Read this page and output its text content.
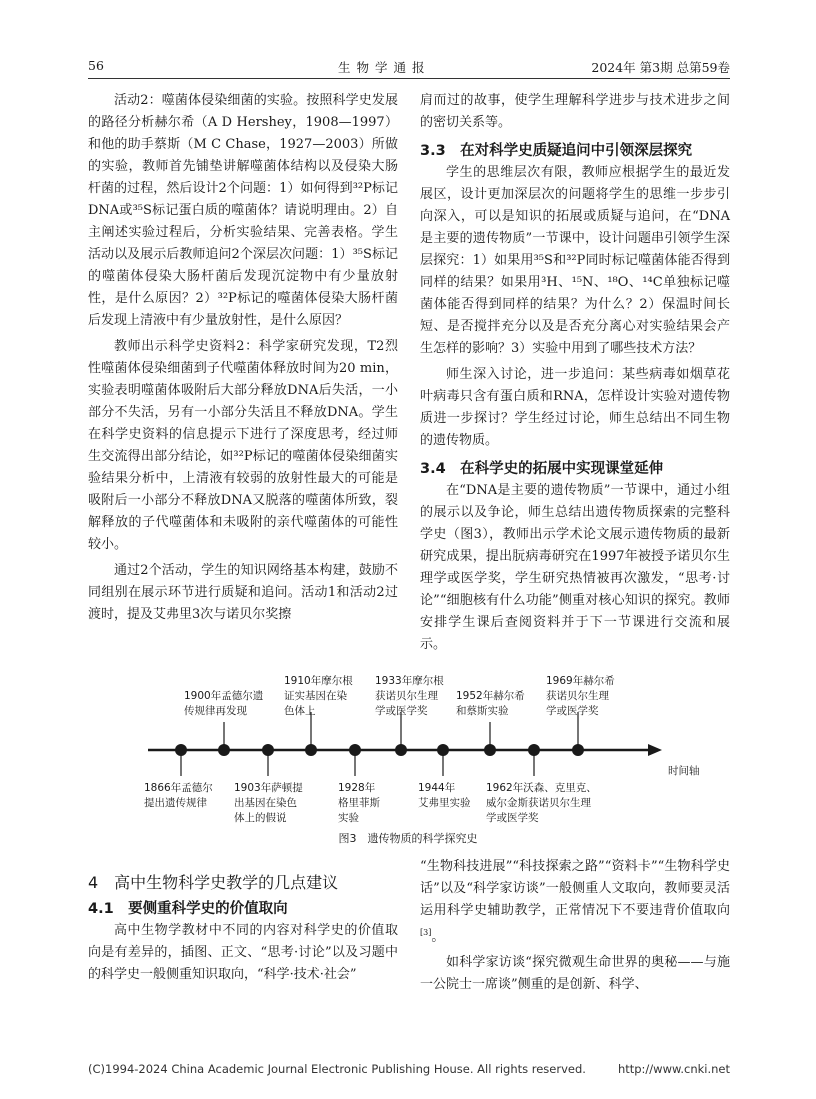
56	生物学通报	2024年 第3期 总第59卷

活动2：噬菌体侵染细菌的实验。按照科学史发展的路径分析赫尔希（A D Hershey，1908—1997）和他的助手蔡斯（M C Chase，1927—2003）所做的实验，教师首先铺垫讲解噬菌体结构以及侵染大肠杆菌的过程，然后设计2个问题：1）如何得到³²P标记DNA或³⁵S标记蛋白质的噬菌体？请说明理由。2）自主阐述实验过程后，分析实验结果、完善表格。学生活动以及展示后教师追问2个深层次问题：1）³⁵S标记的噬菌体侵染大肠杆菌后发现沉淀物中有少量放射性，是什么原因？2）³²P标记的噬菌体侵染大肠杆菌后发现上清液中有少量放射性，是什么原因？

教师出示科学史资料2：科学家研究发现，T2烈性噬菌体侵染细菌到子代噬菌体释放时间为20 min，实验表明噬菌体吸附后大部分释放DNA后失活，一小部分不失活，另有一小部分失活且不释放DNA。学生在科学史资料的信息提示下进行了深度思考，经过师生交流得出部分结论，如³²P标记的噬菌体侵染细菌实验结果分析中，上清液有较弱的放射性最大的可能是吸附后一小部分不释放DNA又脱落的噬菌体所致，裂解释放的子代噬菌体和未吸附的亲代噬菌体的可能性较小。

通过2个活动，学生的知识网络基本构建，鼓励不同组别在展示环节进行质疑和追问。活动1和活动2过渡时，提及艾弗里3次与诺贝尔奖擦

肩而过的故事，使学生理解科学进步与技术进步之间的密切关系等。

3.3　在对科学史质疑追问中引领深层探究

学生的思维层次有限，教师应根据学生的最近发展区，设计更加深层次的问题将学生的思维一步步引向深入，可以是知识的拓展或质疑与追问，在“DNA是主要的遗传物质”一节课中，设计问题串引领学生深层探究：1）如果用³⁵S和³²P同时标记噬菌体能否得到同样的结果？如果用³H、¹⁵N、¹⁸O、¹⁴C单独标记噬菌体能否得到同样的结果？为什么？2）保温时间长短、是否搅拌充分以及是否充分离心对实验结果会产生怎样的影响？3）实验中用到了哪些技术方法？

师生深入讨论，进一步追问：某些病毒如烟草花叶病毒只含有蛋白质和RNA，怎样设计实验对遗传物质进一步探讨？学生经过讨论，师生总结出不同生物的遗传物质。

3.4　在科学史的拓展中实现课堂延伸

在“DNA是主要的遗传物质”一节课中，通过小组的展示以及争论，师生总结出遗传物质探索的完整科学史（图3），教师出示学术论文展示遗传物质的最新研究成果，提出朊病毒研究在1997年被授予诺贝尔生理学或医学奖，学生研究热情被再次激发，“思考·讨论”“细胞核有什么功能”侧重对核心知识的探究。教师安排学生课后查阅资料并于下一节课进行交流和展示。

时间轴
1900年孟德尔遗
传规律再发现
1910年摩尔根
证实基因在染
色体上
1933年摩尔根
获诺贝尔生理
学或医学奖
1952年赫尔希
和蔡斯实验
1969年赫尔希
获诺贝尔生理
学或医学奖
1866年孟德尔
提出遗传规律
1903年萨顿提
出基因在染色
体上的假说
1928年
格里菲斯
实验
1944年
艾弗里实验
1962年沃森、克里克、
威尔金斯获诺贝尔生理
学或医学奖
图3　遗传物质的科学探究史
4　高中生物科学史教学的几点建议
4.1　要侧重科学史的价值取向

高中生物学教材中不同的内容对科学史的价值取向是有差异的，插图、正文、“思考·讨论”以及习题中的科学史一般侧重知识取向，“科学·技术·社会”

“生物科技进展”“科技探索之路”“资料卡”“生物科学史话”以及“科学家访谈”一般侧重人文取向，教师要灵活运用科学史辅助教学，正常情况下不要违背价值取向[3]。

如科学家访谈“探究微观生命世界的奥秘——与施一公院士一席谈”侧重的是创新、科学、

(C)1994-2024 China Academic Journal Electronic Publishing House. All rights reserved.	http://www.cnki.net
